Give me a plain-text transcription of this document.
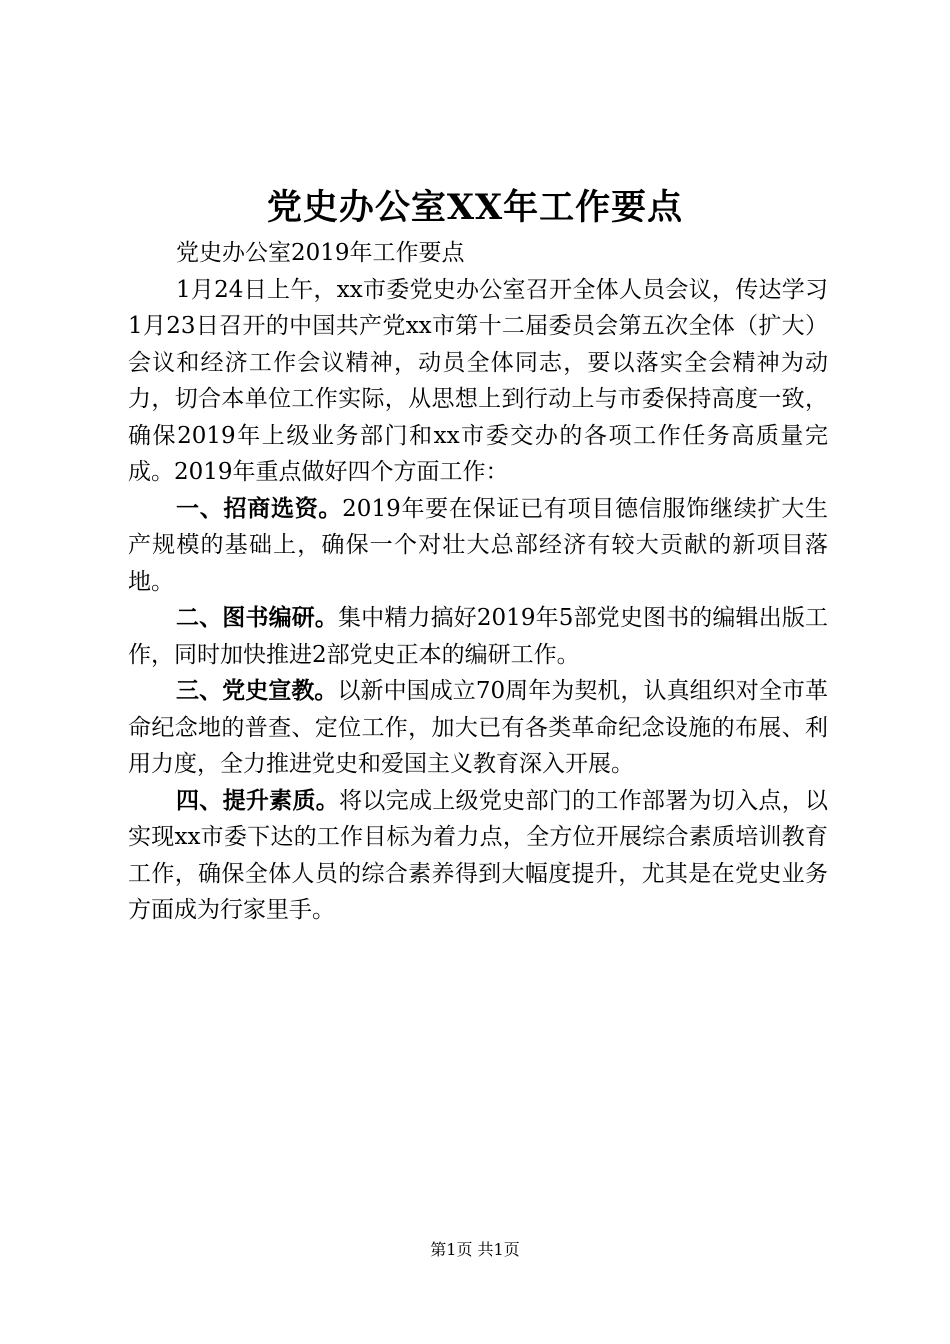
党史办公室XX年工作要点

党史办公室2019年工作要点

1月24日上午，xx市委党史办公室召开全体人员会议，传达学习1月23日召开的中国共产党xx市第十二届委员会第五次全体（扩大）会议和经济工作会议精神，动员全体同志，要以落实全会精神为动力，切合本单位工作实际，从思想上到行动上与市委保持高度一致，确保2019年上级业务部门和xx市委交办的各项工作任务高质量完成。2019年重点做好四个方面工作：

一、招商选资。2019年要在保证已有项目德信服饰继续扩大生产规模的基础上，确保一个对壮大总部经济有较大贡献的新项目落地。

二、图书编研。集中精力搞好2019年5部党史图书的编辑出版工作，同时加快推进2部党史正本的编研工作。

三、党史宣教。以新中国成立70周年为契机，认真组织对全市革命纪念地的普查、定位工作，加大已有各类革命纪念设施的布展、利用力度，全力推进党史和爱国主义教育深入开展。

四、提升素质。将以完成上级党史部门的工作部署为切入点，以实现xx市委下达的工作目标为着力点，全方位开展综合素质培训教育工作，确保全体人员的综合素养得到大幅度提升，尤其是在党史业务方面成为行家里手。

第1页 共1页
